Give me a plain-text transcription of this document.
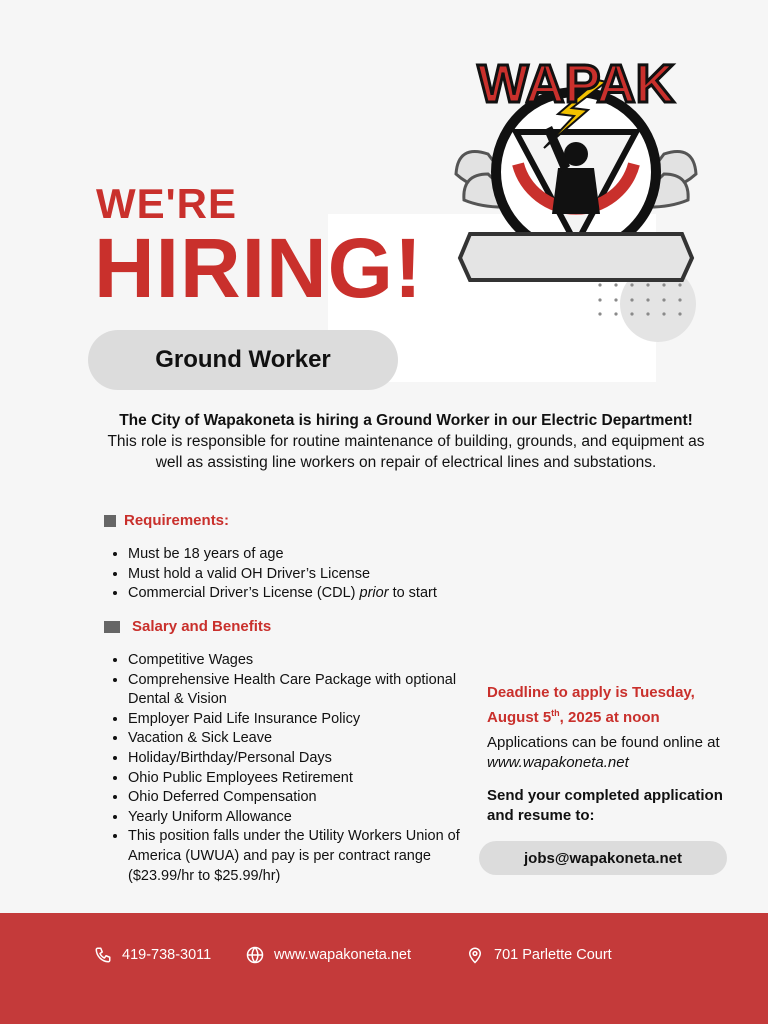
WAPAK
WE'RE
HIRING!
Ground Worker
The City of Wapakoneta is hiring a Ground Worker in our Electric Department!
This role is responsible for routine maintenance of building, grounds, and equipment as well as assisting line workers on repair of electrical lines and substations.
Requirements:
• Must be 18 years of age
• Must hold a valid OH Driver’s License
• Commercial Driver’s License (CDL) prior to start
Salary and Benefits
• Competitive Wages
• Comprehensive Health Care Package with optional Dental & Vision
• Employer Paid Life Insurance Policy
• Vacation & Sick Leave
• Holiday/Birthday/Personal Days
• Ohio Public Employees Retirement
• Ohio Deferred Compensation
• Yearly Uniform Allowance
• This position falls under the Utility Workers Union of America (UWUA) and pay is per contract range ($23.99/hr to $25.99/hr)
Deadline to apply is Tuesday, August 5th, 2025 at noon
Applications can be found online at www.wapakoneta.net
Send your completed application and resume to:
jobs@wapakoneta.net
419-738-3011	www.wapakoneta.net	701 Parlette Court
